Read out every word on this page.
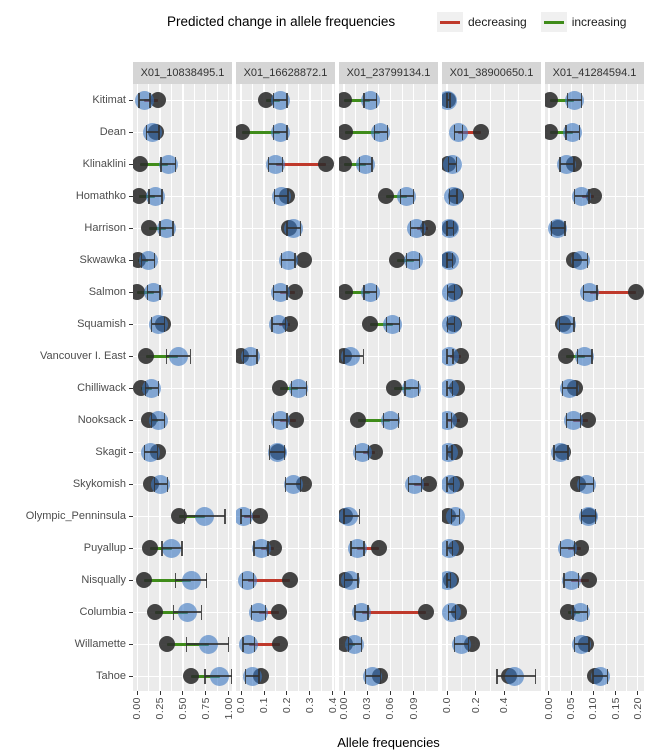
Predicted change in allele frequencies	decreasing	increasing
Kitimat
Dean
Klinaklini
Homathko
Harrison
Skwawka
Salmon
Squamish
Vancouver I. East
Chilliwack
Nooksack
Skagit
Skykomish
Olympic_Penninsula
Puyallup
Nisqually
Columbia
Willamette
Tahoe
X01_10838495.1
0.00 0.25 0.50 0.75 1.00
X01_16628872.1
0.0 0.1 0.2 0.3 0.4
X01_23799134.1
0.00 0.03 0.06 0.09
X01_38900650.1
0.0 0.2 0.4
X01_41284594.1
0.00 0.05 0.10 0.15 0.20
Allele frequencies
